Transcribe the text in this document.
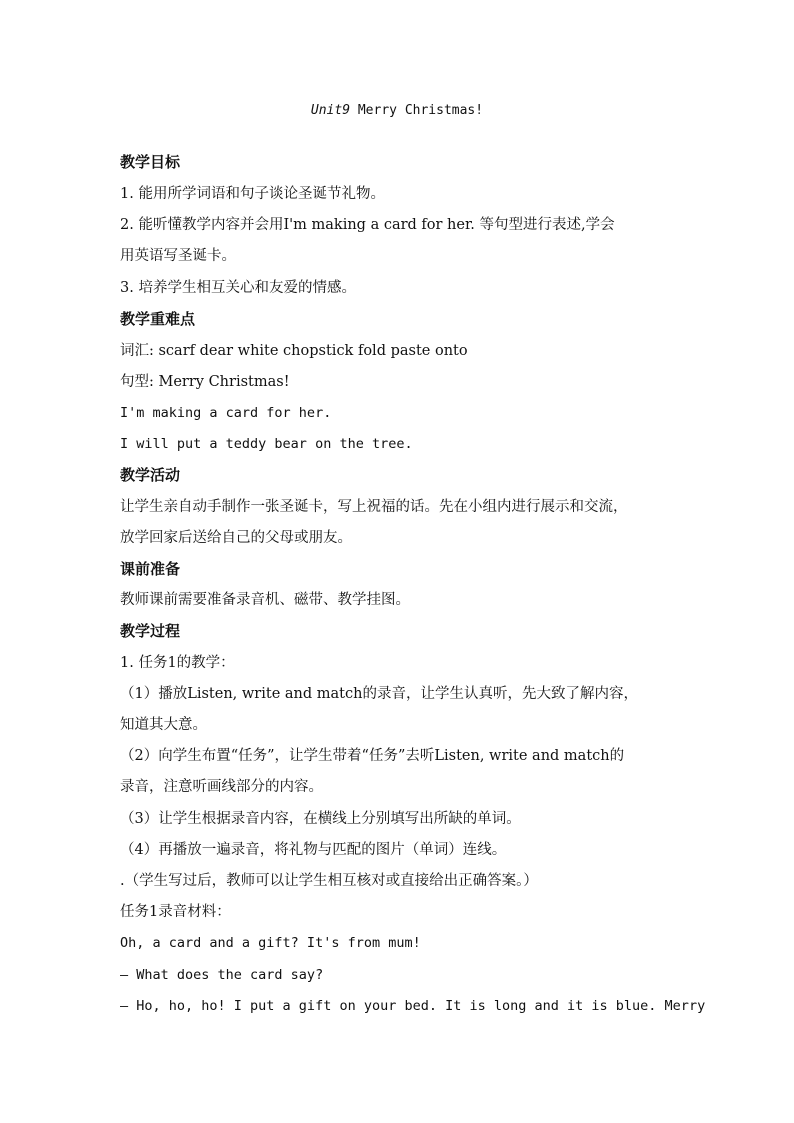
Unit9 Merry Christmas!
教学目标
1. 能用所学词语和句子谈论圣诞节礼物。
2. 能听懂教学内容并会用I'm making a card for her. 等句型进行表述,学会
用英语写圣诞卡。
3. 培养学生相互关心和友爱的情感。
教学重难点
词汇: scarf dear white chopstick fold paste onto
句型: Merry Christmas!
I'm making a card for her.
I will put a teddy bear on the tree.
教学活动
让学生亲自动手制作一张圣诞卡，写上祝福的话。先在小组内进行展示和交流，
放学回家后送给自己的父母或朋友。
课前准备
教师课前需要准备录音机、磁带、教学挂图。
教学过程
1. 任务1的教学：
（1）播放Listen, write and match的录音，让学生认真听，先大致了解内容，
知道其大意。
（2）向学生布置“任务”，让学生带着“任务”去听Listen, write and match的
录音，注意听画线部分的内容。
（3）让学生根据录音内容，在横线上分别填写出所缺的单词。
（4）再播放一遍录音，将礼物与匹配的图片（单词）连线。
.（学生写过后，教师可以让学生相互核对或直接给出正确答案。）
任务1录音材料：
Oh, a card and a gift? It's from mum!
— What does the card say?
— Ho, ho, ho! I put a gift on your bed. It is long and it is blue. Merry
